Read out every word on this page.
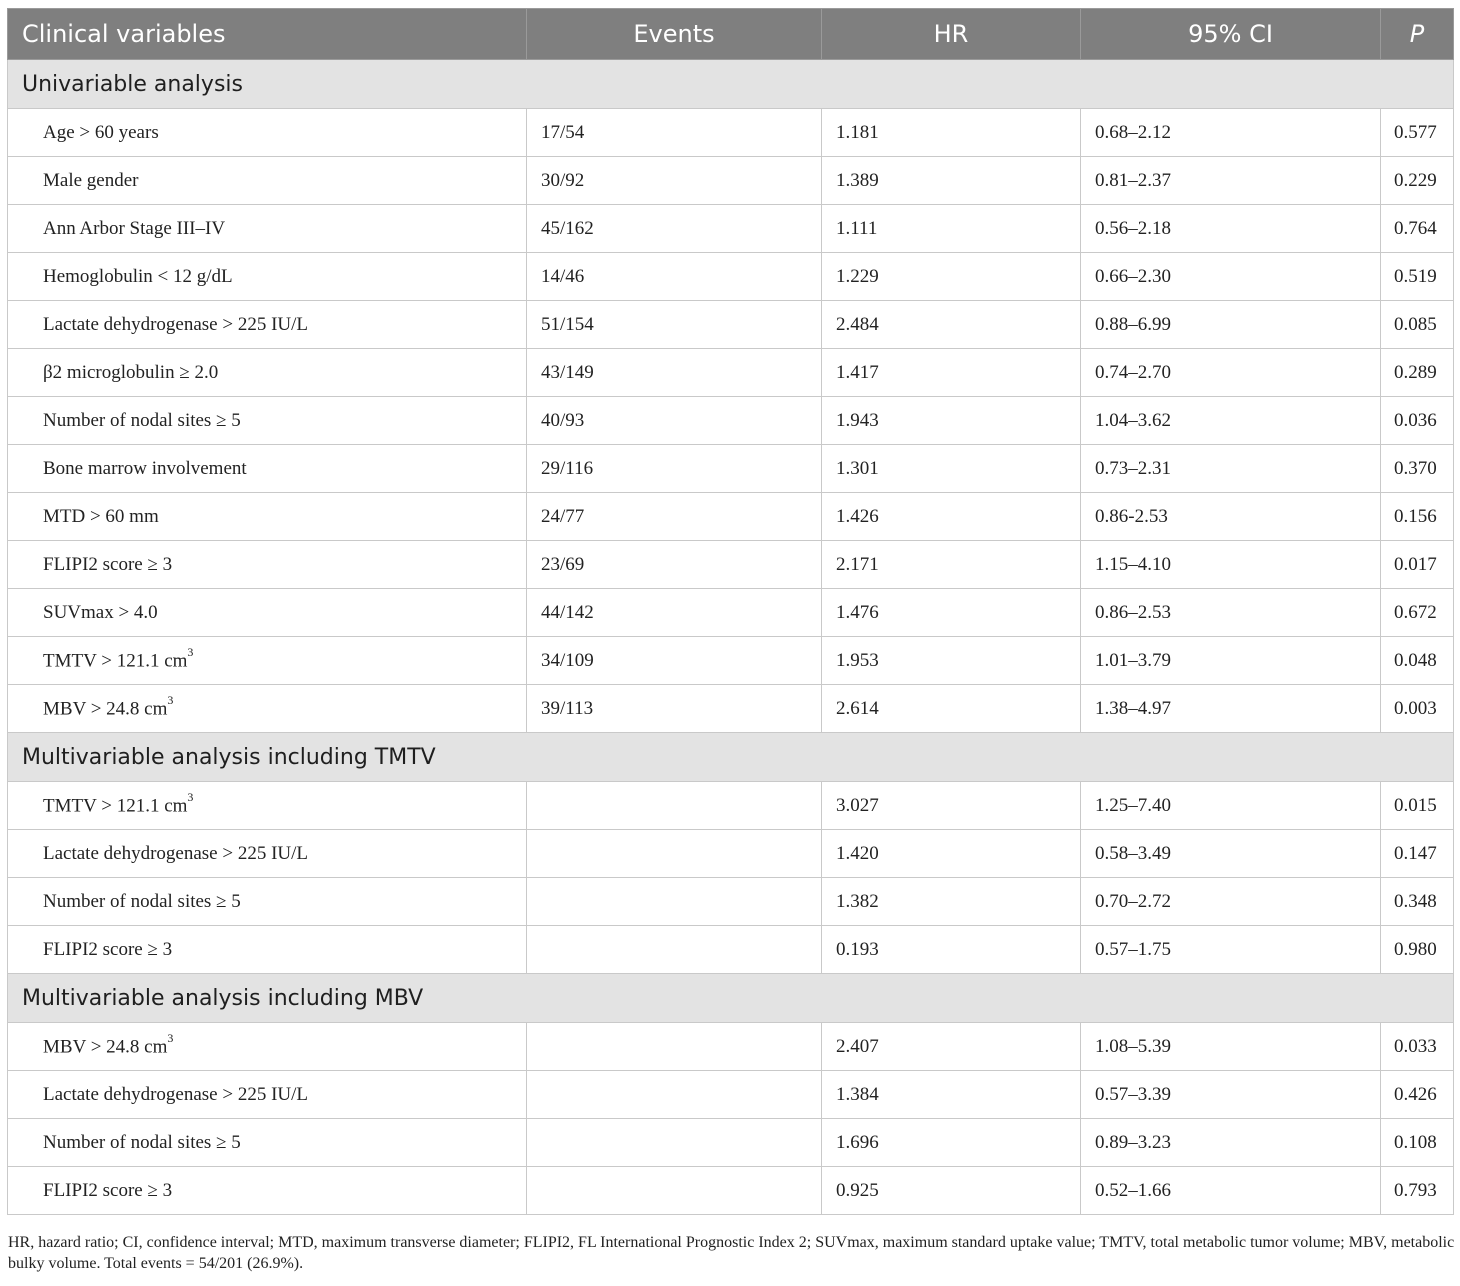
Clinical variables	Events	HR	95% CI	P
Univariable analysis				
Age > 60 years	17/54	1.181	0.68–2.12	0.577
Male gender	30/92	1.389	0.81–2.37	0.229
Ann Arbor Stage III–IV	45/162	1.111	0.56–2.18	0.764
Hemoglobulin < 12 g/dL	14/46	1.229	0.66–2.30	0.519
Lactate dehydrogenase > 225 IU/L	51/154	2.484	0.88–6.99	0.085
β2 microglobulin ≥ 2.0	43/149	1.417	0.74–2.70	0.289
Number of nodal sites ≥ 5	40/93	1.943	1.04–3.62	0.036
Bone marrow involvement	29/116	1.301	0.73–2.31	0.370
MTD > 60 mm	24/77	1.426	0.86-2.53	0.156
FLIPI2 score ≥ 3	23/69	2.171	1.15–4.10	0.017
SUVmax > 4.0	44/142	1.476	0.86–2.53	0.672
TMTV > 121.1 $cm^3$	34/109	1.953	1.01–3.79	0.048
MBV > 24.8 $cm^3$	39/113	2.614	1.38–4.97	0.003
Multivariable analysis including TMTV				
TMTV > 121.1 $cm^3$		3.027	1.25–7.40	0.015
Lactate dehydrogenase > 225 IU/L		1.420	0.58–3.49	0.147
Number of nodal sites ≥ 5		1.382	0.70–2.72	0.348
FLIPI2 score ≥ 3		0.193	0.57–1.75	0.980
Multivariable analysis including MBV				
MBV > 24.8 $cm^3$		2.407	1.08–5.39	0.033
Lactate dehydrogenase > 225 IU/L		1.384	0.57–3.39	0.426
Number of nodal sites ≥ 5		1.696	0.89–3.23	0.108
FLIPI2 score ≥ 3		0.925	0.52–1.66	0.793
HR, hazard ratio; CI, confidence interval; MTD, maximum transverse diameter; FLIPI2, FL International Prognostic Index 2; SUVmax, maximum standard uptake value; TMTV, total metabolic tumor volume; MBV, metabolic bulky volume. Total events = 54/201 (26.9%).
